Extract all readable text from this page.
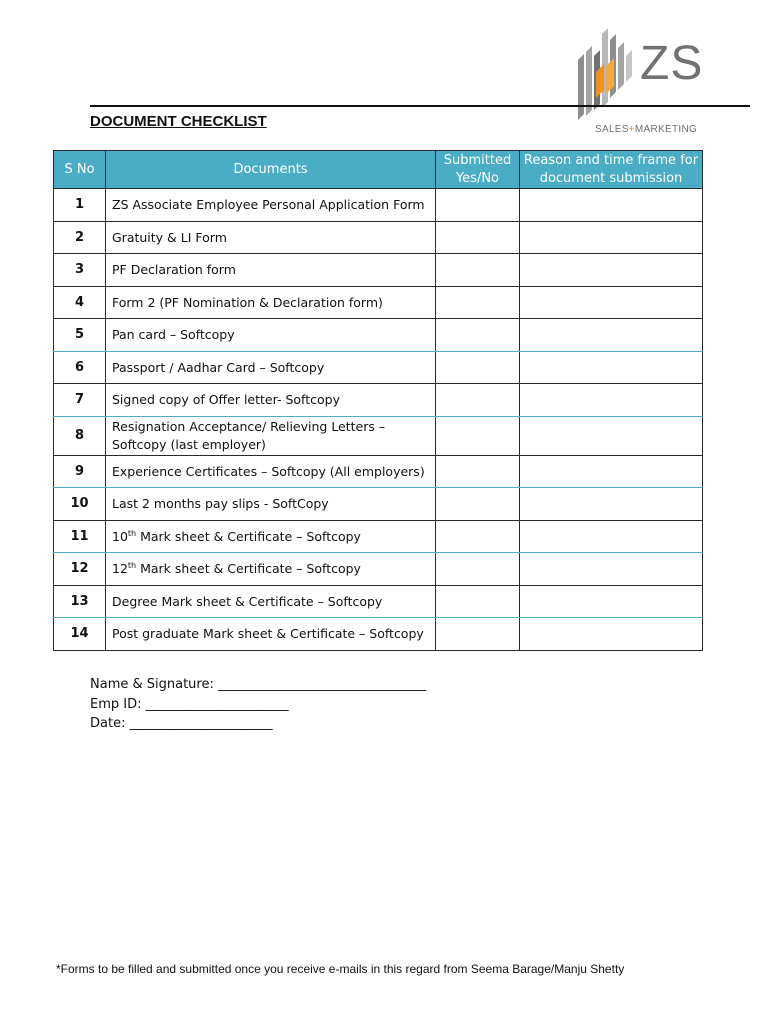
ZS
SALES+MARKETING
DOCUMENT CHECKLIST
S No	Documents	Submitted Yes/No	Reason and time frame for document submission
1	ZS Associate Employee Personal Application Form		
2	Gratuity & LI Form		
3	PF Declaration form		
4	Form 2 (PF Nomination & Declaration form)		
5	Pan card – Softcopy		
6	Passport / Aadhar Card – Softcopy		
7	Signed copy of Offer letter- Softcopy		
8	Resignation Acceptance/ Relieving Letters – Softcopy (last employer)		
9	Experience Certificates – Softcopy (All employers)		
10	Last 2 months pay slips - SoftCopy		
11	10th Mark sheet & Certificate – Softcopy		
12	12th Mark sheet & Certificate – Softcopy		
13	Degree Mark sheet & Certificate – Softcopy		
14	Post graduate Mark sheet & Certificate – Softcopy		
Name & Signature: ________________________________
Emp ID: ______________________
Date: ______________________
*Forms to be filled and submitted once you receive e-mails in this regard from Seema Barage/Manju Shetty
